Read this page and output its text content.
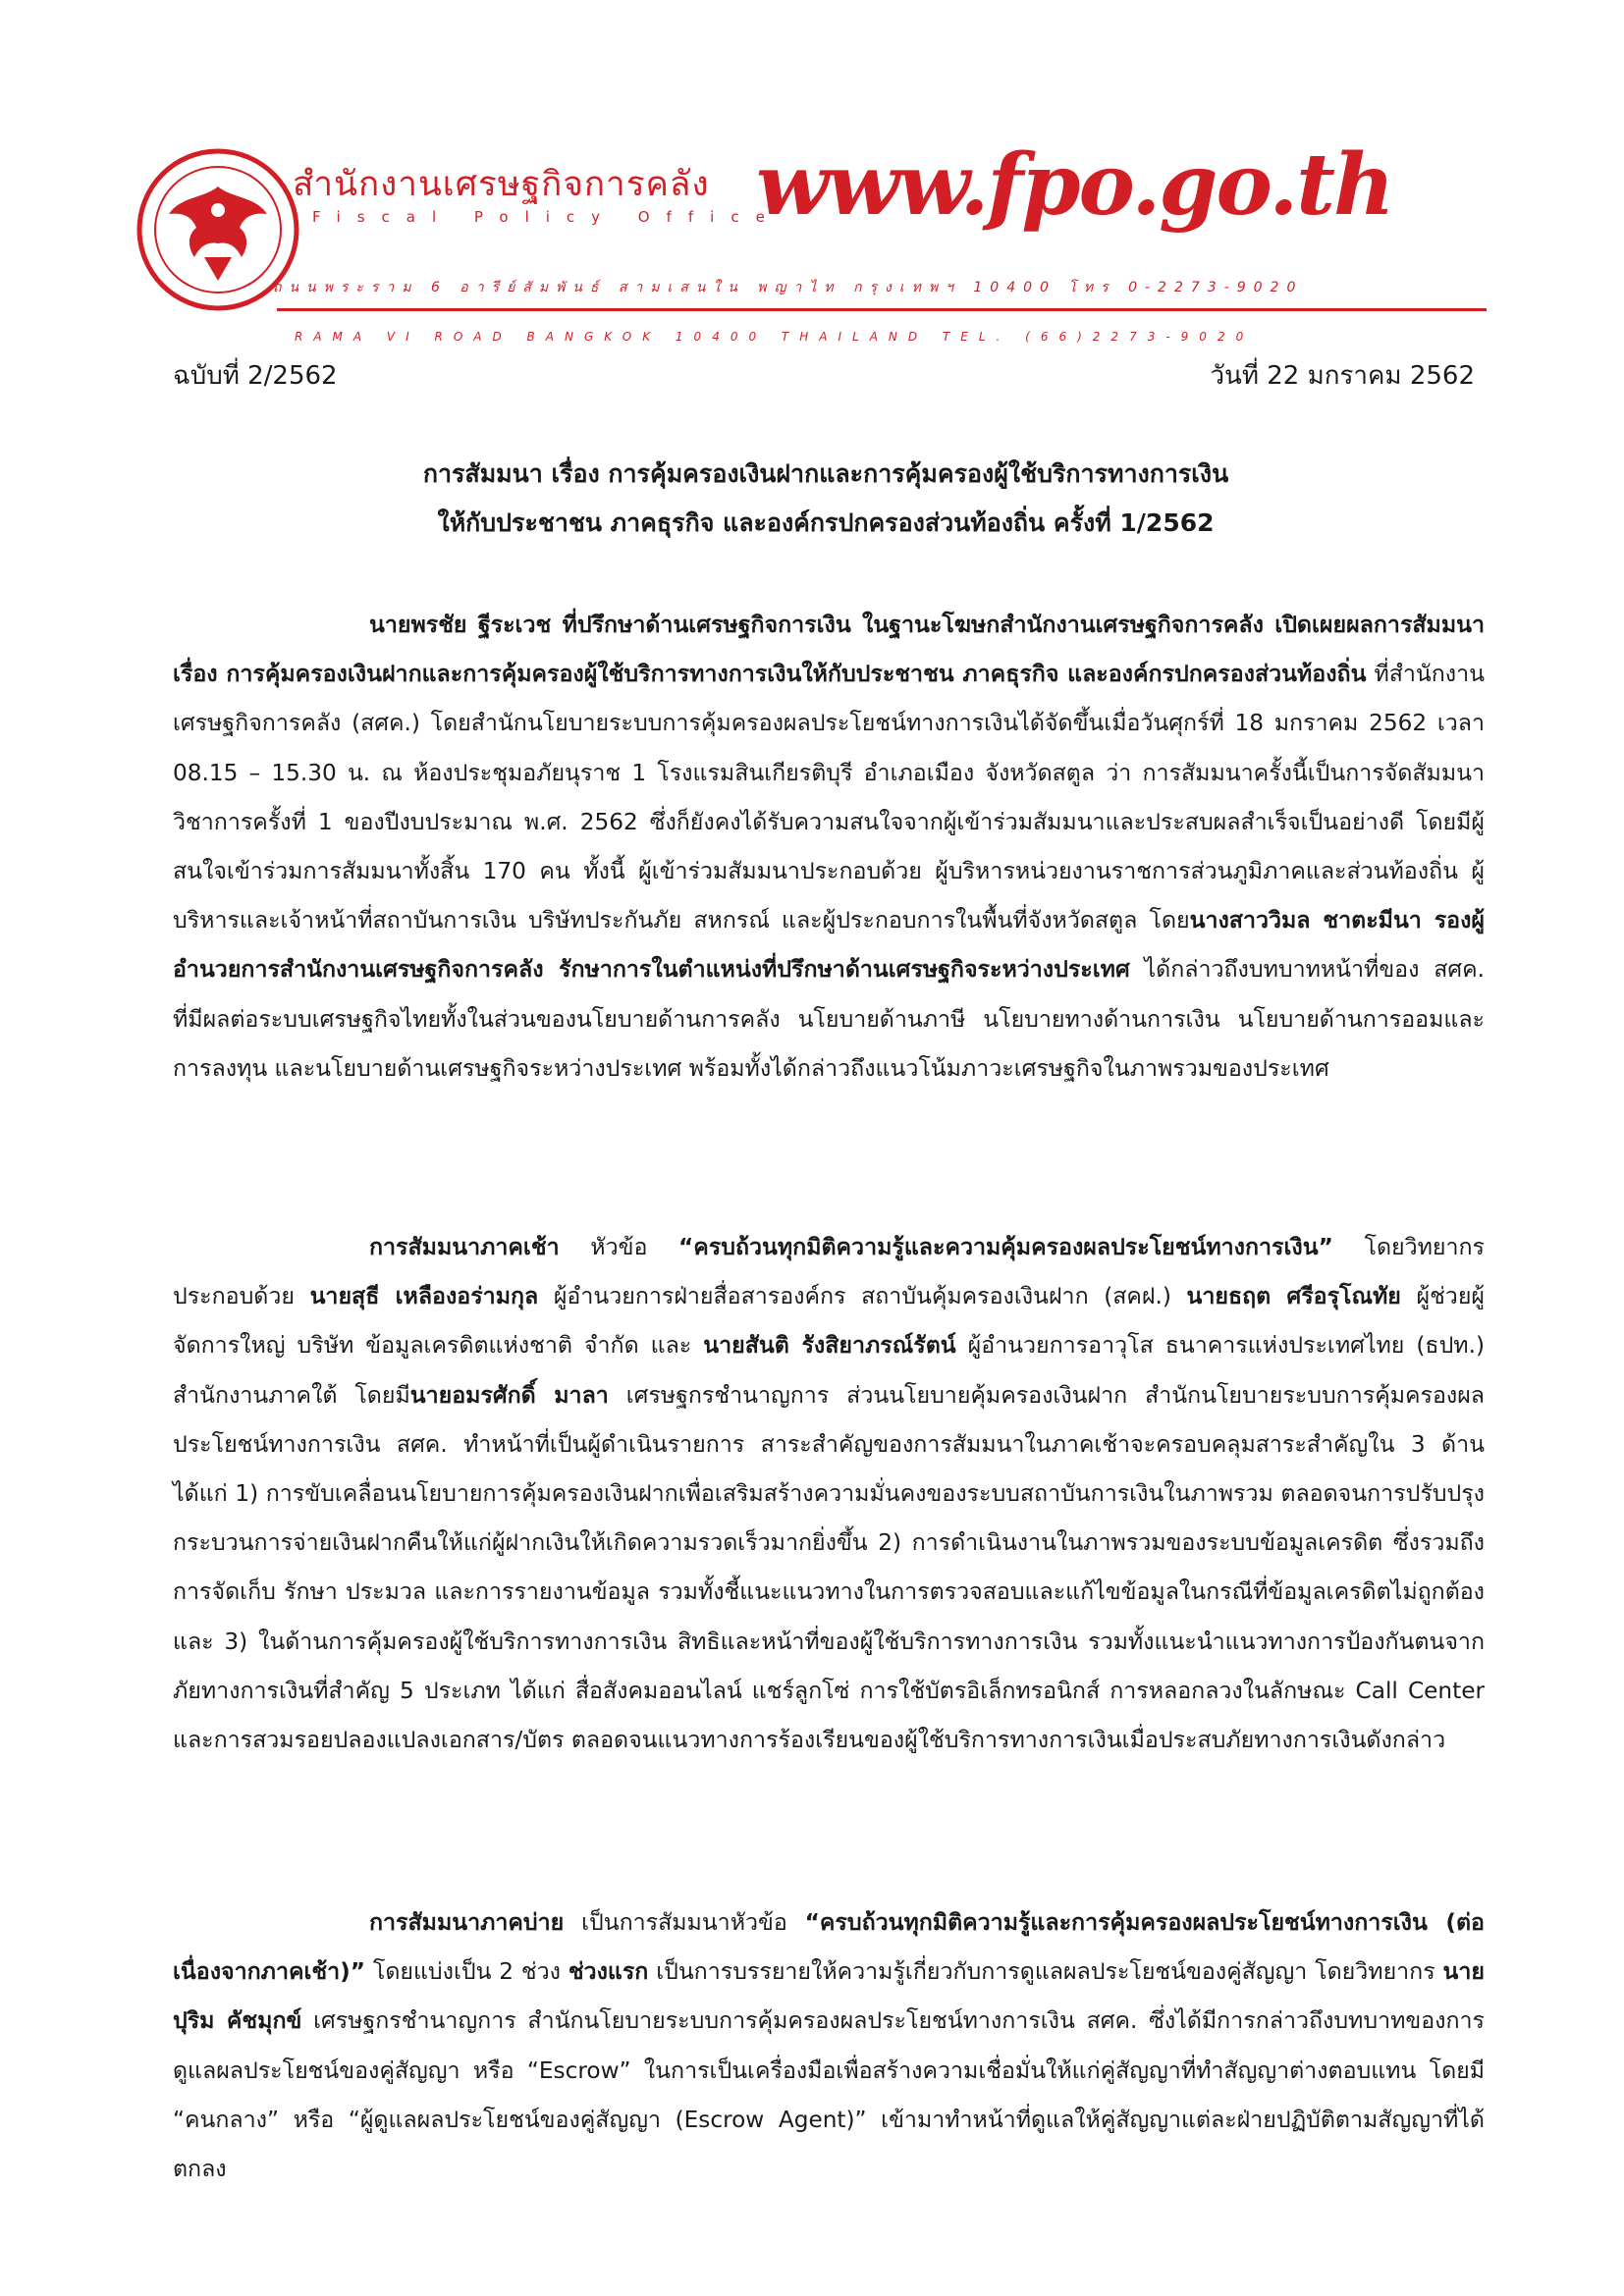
สำนักงานเศรษฐกิจการคลัง
Fiscal Policy Office
www.fpo.go.th
ถนนพระราม 6 อารีย์สัมพันธ์ สามเสนใน พญาไท กรุงเทพฯ 10400 โทร 0-2273-9020
RAMA VI ROAD BANGKOK 10400 THAILAND TEL. (66)2273-9020
ฉบับที่ 2/2562	วันที่ 22 มกราคม 2562
การสัมมนา เรื่อง การคุ้มครองเงินฝากและการคุ้มครองผู้ใช้บริการทางการเงิน
ให้กับประชาชน ภาคธุรกิจ และองค์กรปกครองส่วนท้องถิ่น ครั้งที่ 1/2562
นายพรชัย ฐีระเวช ที่ปรึกษาด้านเศรษฐกิจการเงิน ในฐานะโฆษกสำนักงานเศรษฐกิจการคลัง เปิดเผยผลการสัมมนา เรื่อง การคุ้มครองเงินฝากและการคุ้มครองผู้ใช้บริการทางการเงินให้กับประชาชน ภาคธุรกิจ และองค์กรปกครองส่วนท้องถิ่น ที่สำนักงานเศรษฐกิจการคลัง (สศค.) โดยสำนักนโยบายระบบการคุ้มครองผลประโยชน์ทางการเงินได้จัดขึ้นเมื่อวันศุกร์ที่ 18 มกราคม 2562 เวลา 08.15 – 15.30 น. ณ ห้องประชุมอภัยนุราช 1 โรงแรมสินเกียรติบุรี อำเภอเมือง จังหวัดสตูล ว่า การสัมมนาครั้งนี้เป็นการจัดสัมมนาวิชาการครั้งที่ 1 ของปีงบประมาณ พ.ศ. 2562 ซึ่งก็ยังคงได้รับความสนใจจากผู้เข้าร่วมสัมมนาและประสบผลสำเร็จเป็นอย่างดี โดยมีผู้สนใจเข้าร่วมการสัมมนาทั้งสิ้น 170 คน ทั้งนี้ ผู้เข้าร่วมสัมมนาประกอบด้วย ผู้บริหารหน่วยงานราชการส่วนภูมิภาคและส่วนท้องถิ่น ผู้บริหารและเจ้าหน้าที่สถาบันการเงิน บริษัทประกันภัย สหกรณ์ และผู้ประกอบการในพื้นที่จังหวัดสตูล โดยนางสาววิมล ชาตะมีนา รองผู้อำนวยการสำนักงานเศรษฐกิจการคลัง รักษาการในตำแหน่งที่ปรึกษาด้านเศรษฐกิจระหว่างประเทศ ได้กล่าวถึงบทบาทหน้าที่ของ สศค. ที่มีผลต่อระบบเศรษฐกิจไทยทั้งในส่วนของนโยบายด้านการคลัง นโยบายด้านภาษี นโยบายทางด้านการเงิน นโยบายด้านการออมและการลงทุน และนโยบายด้านเศรษฐกิจระหว่างประเทศ พร้อมทั้งได้กล่าวถึงแนวโน้มภาวะเศรษฐกิจในภาพรวมของประเทศ
การสัมมนาภาคเช้า หัวข้อ “ครบถ้วนทุกมิติความรู้และความคุ้มครองผลประโยชน์ทางการเงิน” โดยวิทยากรประกอบด้วย นายสุธี เหลืองอร่ามกุล ผู้อำนวยการฝ่ายสื่อสารองค์กร สถาบันคุ้มครองเงินฝาก (สคฝ.) นายธฤต ศรีอรุโณทัย ผู้ช่วยผู้จัดการใหญ่ บริษัท ข้อมูลเครดิตแห่งชาติ จำกัด และ นายสันติ รังสิยาภรณ์รัตน์ ผู้อำนวยการอาวุโส ธนาคารแห่งประเทศไทย (ธปท.) สำนักงานภาคใต้ โดยมีนายอมรศักดิ์ มาลา เศรษฐกรชำนาญการ ส่วนนโยบายคุ้มครองเงินฝาก สำนักนโยบายระบบการคุ้มครองผลประโยชน์ทางการเงิน สศค. ทำหน้าที่เป็นผู้ดำเนินรายการ สาระสำคัญของการสัมมนาในภาคเช้าจะครอบคลุมสาระสำคัญใน 3 ด้าน ได้แก่ 1) การขับเคลื่อนนโยบายการคุ้มครองเงินฝากเพื่อเสริมสร้างความมั่นคงของระบบสถาบันการเงินในภาพรวม ตลอดจนการปรับปรุงกระบวนการจ่ายเงินฝากคืนให้แก่ผู้ฝากเงินให้เกิดความรวดเร็วมากยิ่งขึ้น 2) การดำเนินงานในภาพรวมของระบบข้อมูลเครดิต ซึ่งรวมถึงการจัดเก็บ รักษา ประมวล และการรายงานข้อมูล รวมทั้งชี้แนะแนวทางในการตรวจสอบและแก้ไขข้อมูลในกรณีที่ข้อมูลเครดิตไม่ถูกต้อง และ 3) ในด้านการคุ้มครองผู้ใช้บริการทางการเงิน สิทธิและหน้าที่ของผู้ใช้บริการทางการเงิน รวมทั้งแนะนำแนวทางการป้องกันตนจากภัยทางการเงินที่สำคัญ 5 ประเภท ได้แก่ สื่อสังคมออนไลน์ แชร์ลูกโซ่ การใช้บัตรอิเล็กทรอนิกส์ การหลอกลวงในลักษณะ Call Center และการสวมรอยปลองแปลงเอกสาร/บัตร ตลอดจนแนวทางการร้องเรียนของผู้ใช้บริการทางการเงินเมื่อประสบภัยทางการเงินดังกล่าว
การสัมมนาภาคบ่าย เป็นการสัมมนาหัวข้อ “ครบถ้วนทุกมิติความรู้และการคุ้มครองผลประโยชน์ทางการเงิน (ต่อเนื่องจากภาคเช้า)” โดยแบ่งเป็น 2 ช่วง ช่วงแรก เป็นการบรรยายให้ความรู้เกี่ยวกับการดูแลผลประโยชน์ของคู่สัญญา โดยวิทยากร นายปุริม คัชมุกข์ เศรษฐกรชำนาญการ สำนักนโยบายระบบการคุ้มครองผลประโยชน์ทางการเงิน สศค. ซึ่งได้มีการกล่าวถึงบทบาทของการดูแลผลประโยชน์ของคู่สัญญา หรือ “Escrow” ในการเป็นเครื่องมือเพื่อสร้างความเชื่อมั่นให้แก่คู่สัญญาที่ทำสัญญาต่างตอบแทน โดยมี “คนกลาง” หรือ “ผู้ดูแลผลประโยชน์ของคู่สัญญา (Escrow Agent)” เข้ามาทำหน้าที่ดูแลให้คู่สัญญาแต่ละฝ่ายปฏิบัติตามสัญญาที่ได้ตกลง
